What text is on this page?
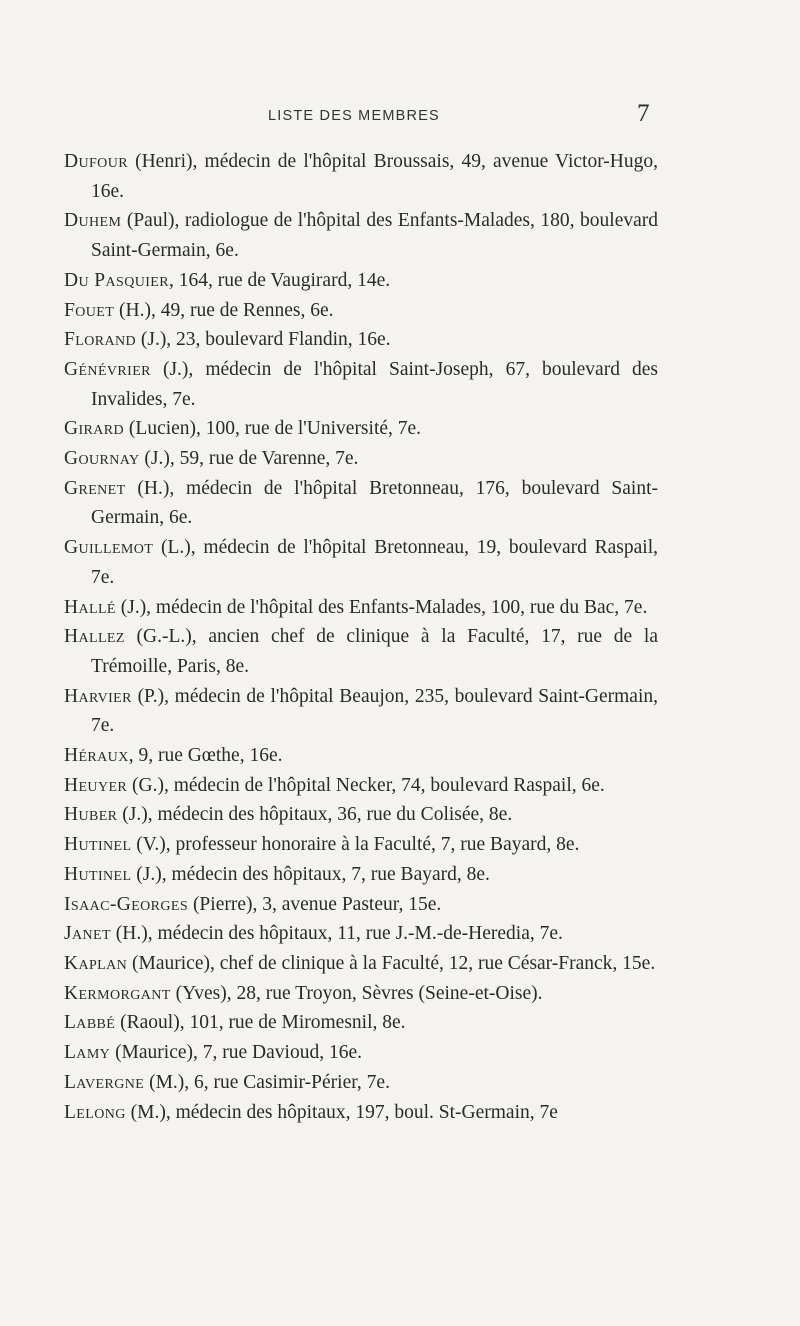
LISTE DES MEMBRES	7

Dufour (Henri), médecin de l'hôpital Broussais, 49, avenue Victor-Hugo, 16e.

Duhem (Paul), radiologue de l'hôpital des Enfants-Malades, 180, boulevard Saint-Germain, 6e.

Du Pasquier, 164, rue de Vaugirard, 14e.

Fouet (H.), 49, rue de Rennes, 6e.

Florand (J.), 23, boulevard Flandin, 16e.

Génévrier (J.), médecin de l'hôpital Saint-Joseph, 67, boulevard des Invalides, 7e.

Girard (Lucien), 100, rue de l'Université, 7e.

Gournay (J.), 59, rue de Varenne, 7e.

Grenet (H.), médecin de l'hôpital Bretonneau, 176, boulevard Saint-Germain, 6e.

Guillemot (L.), médecin de l'hôpital Bretonneau, 19, boulevard Raspail, 7e.

Hallé (J.), médecin de l'hôpital des Enfants-Malades, 100, rue du Bac, 7e.

Hallez (G.-L.), ancien chef de clinique à la Faculté, 17, rue de la Trémoille, Paris, 8e.

Harvier (P.), médecin de l'hôpital Beaujon, 235, boulevard Saint-Germain, 7e.

Héraux, 9, rue Gœthe, 16e.

Heuyer (G.), médecin de l'hôpital Necker, 74, boulevard Raspail, 6e.

Huber (J.), médecin des hôpitaux, 36, rue du Colisée, 8e.

Hutinel (V.), professeur honoraire à la Faculté, 7, rue Bayard, 8e.

Hutinel (J.), médecin des hôpitaux, 7, rue Bayard, 8e.

Isaac-Georges (Pierre), 3, avenue Pasteur, 15e.

Janet (H.), médecin des hôpitaux, 11, rue J.-M.-de-Heredia, 7e.

Kaplan (Maurice), chef de clinique à la Faculté, 12, rue César-Franck, 15e.

Kermorgant (Yves), 28, rue Troyon, Sèvres (Seine-et-Oise).

Labbé (Raoul), 101, rue de Miromesnil, 8e.

Lamy (Maurice), 7, rue Davioud, 16e.

Lavergne (M.), 6, rue Casimir-Périer, 7e.

Lelong (M.), médecin des hôpitaux, 197, boul. St-Germain, 7e
